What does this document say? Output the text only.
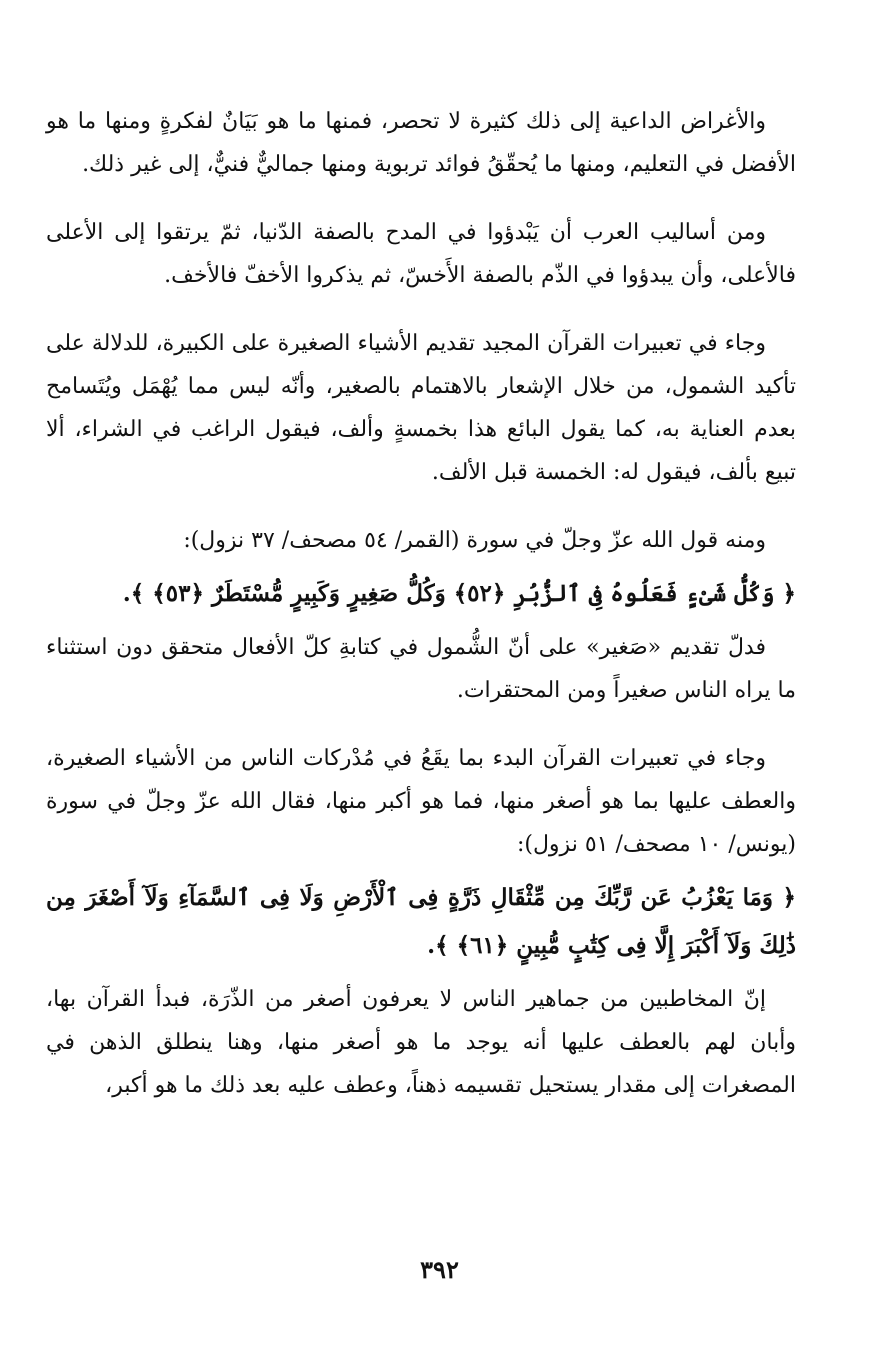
والأغراض الداعية إلى ذلك كثيرة لا تحصر، فمنها ما هو بَيَانٌ لفكرةٍ ومنها ما هو الأفضل في التعليم، ومنها ما يُحقّقُ فوائد تربوية ومنها جماليٌّ فنيٌّ، إلى غير ذلك.

ومن أساليب العرب أن يَبْدؤوا في المدح بالصفة الدّنيا، ثمّ يرتقوا إلى الأعلى فالأعلى، وأن يبدؤوا في الذّم بالصفة الأَخسّ، ثم يذكروا الأخفّ فالأخف.

وجاء في تعبيرات القرآن المجيد تقديم الأشياء الصغيرة على الكبيرة، للدلالة على تأكيد الشمول، من خلال الإشعار بالاهتمام بالصغير، وأنّه ليس مما يُهْمَل ويُتَسامح بعدم العناية به، كما يقول البائع هذا بخمسةٍ وألف، فيقول الراغب في الشراء، ألا تبيع بألف، فيقول له: الخمسة قبل الألف.

ومنه قول الله عزّ وجلّ في سورة (القمر/ ٥٤ مصحف/ ٣٧ نزول):

﴿ وَكُلُّ شَىْءٍ فَعَلُوهُ فِى ٱلزُّبُرِ ﴿٥٢﴾ وَكُلُّ صَغِيرٍ وَكَبِيرٍ مُّسْتَطَرٌ ﴿٥٣﴾ ﴾.

فدلّ تقديم «صَغير» على أنّ الشُّمول في كتابةِ كلّ الأفعال متحقق دون استثناء ما يراه الناس صغيراً ومن المحتقرات.

وجاء في تعبيرات القرآن البدء بما يقَعُ في مُدْركات الناس من الأشياء الصغيرة، والعطف عليها بما هو أصغر منها، فما هو أكبر منها، فقال الله عزّ وجلّ في سورة (يونس/ ١٠ مصحف/ ٥١ نزول):

﴿ وَمَا يَعْزُبُ عَن رَّبِّكَ مِن مِّثْقَالِ ذَرَّةٍ فِى ٱلْأَرْضِ وَلَا فِى ٱلسَّمَآءِ وَلَآ أَصْغَرَ مِن ذَٰلِكَ وَلَآ أَكْبَرَ إِلَّا فِى كِتَٰبٍ مُّبِينٍ ﴿٦١﴾ ﴾.

إنّ المخاطبين من جماهير الناس لا يعرفون أصغر من الذّرَة، فبدأ القرآن بها، وأبان لهم بالعطف عليها أنه يوجد ما هو أصغر منها، وهنا ينطلق الذهن في المصغرات إلى مقدار يستحيل تقسيمه ذهناً، وعطف عليه بعد ذلك ما هو أكبر،

٣٩٢
